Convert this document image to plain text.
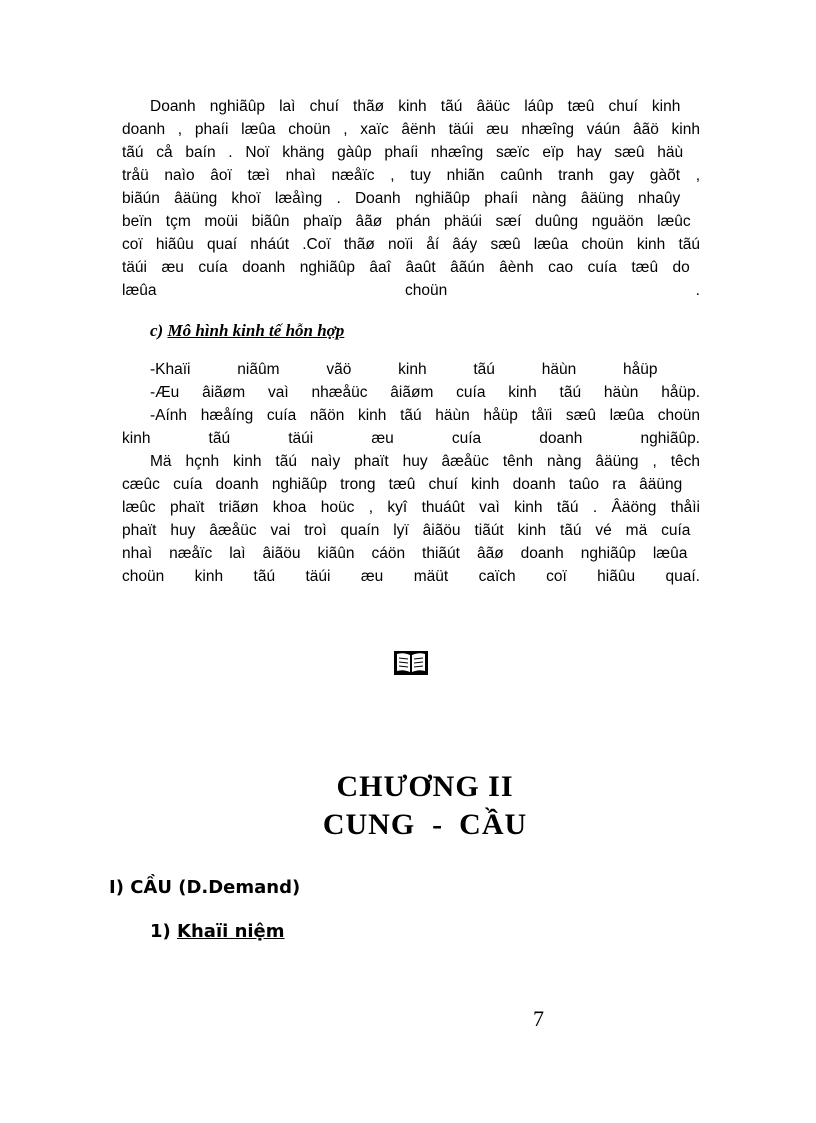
Doanh nghiãûp laì chuí thãø kinh tãú âäüc láûp tæû chuí kinh
doanh , phaíi læûa choün , xaïc âënh täúi æu nhæîng váún âãö kinh
tãú cå baín . Noï khäng gàûp phaíi nhæîng sæïc eïp hay sæû häù
tråü naìo âoï tæì nhaì næåïc , tuy nhiãn caûnh tranh gay gàõt ,
biãún âäüng khoï læåìng . Doanh nghiãûp phaíi nàng âäüng nhaûy
beïn tçm moüi biãûn phaïp âãø phán phäúi sæí duûng nguäön læûc
coï hiãûu quaí nháút .Coï thãø noïi åí âáy sæû læûa choün kinh tãú
täúi æu cuía doanh nghiãûp âaî âaût âãún âènh cao cuía tæû do
læûa choün .

c) Mô hình kinh tế hỗn hợp

-Khaïi niãûm vãö kinh tãú häùn håüp
-Æu âiãøm vaì nhæåüc âiãøm cuía kinh tãú häùn håüp.
-Aính hæåíng cuía nãön kinh tãú häùn håüp tåïi sæû læûa choün
kinh tãú täúi æu cuía doanh nghiãûp.
Mä hçnh kinh tãú naìy phaït huy âæåüc tênh nàng âäüng , têch
cæûc cuía doanh nghiãûp trong tæû chuí kinh doanh taûo ra âäüng
læûc phaït triãøn khoa hoüc , kyî thuáût vaì kinh tãú . Âäöng thåìi
phaït huy âæåüc vai troì quaín lyï âiãöu tiãút kinh tãú vé mä cuía
nhaì næåïc laì âiãöu kiãûn cáön thiãút âãø doanh nghiãûp læûa
choün kinh tãú täúi æu mäüt caïch coï hiãûu quaí.

CHƯƠNG II

CUNG - CẦU

I) CẦU (D.Demand)

1) Khaïi niệm

7
